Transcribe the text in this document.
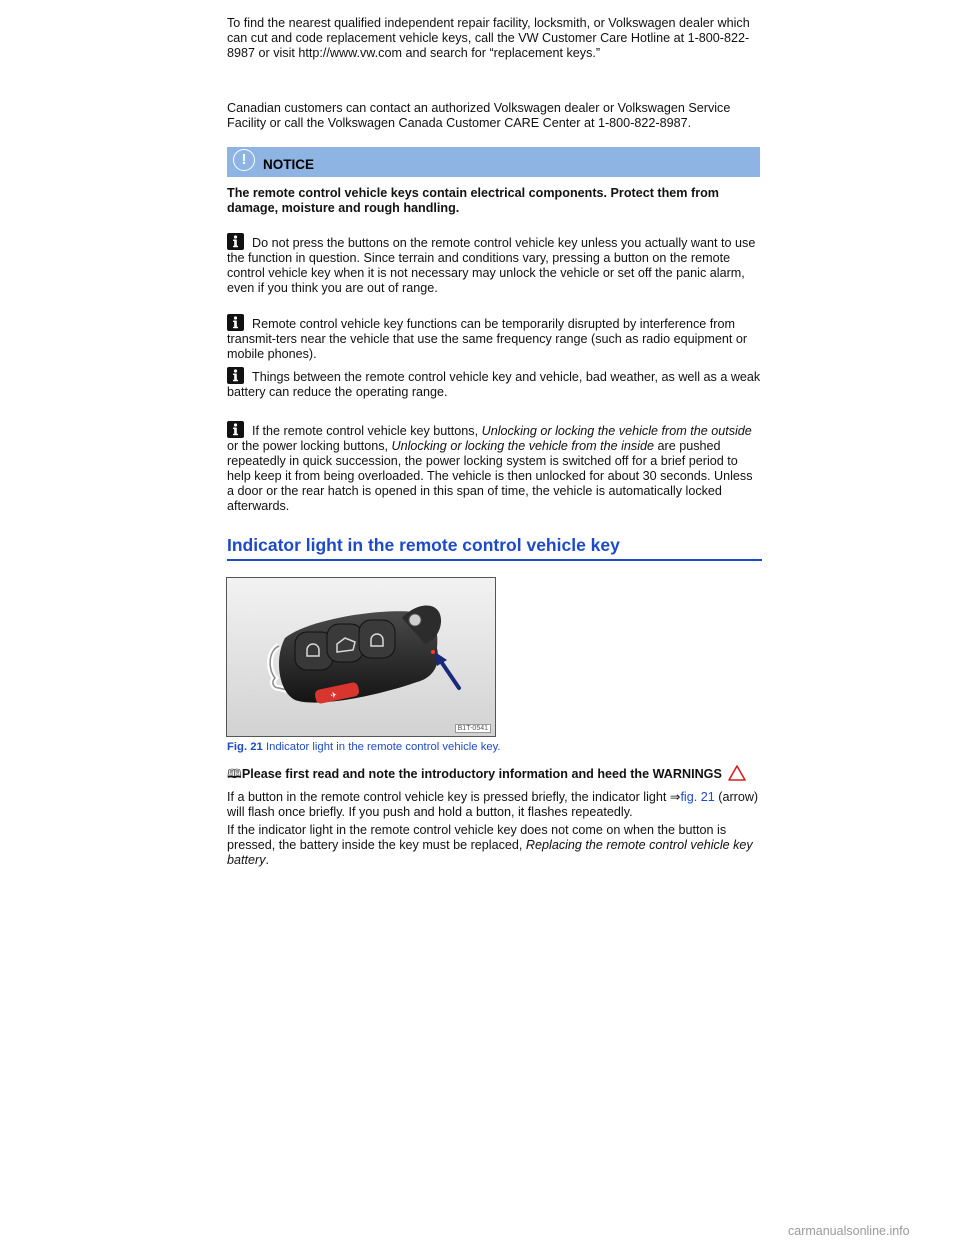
To find the nearest qualified independent repair facility, locksmith, or Volkswagen dealer which can cut and code replacement vehicle keys, call the VW Customer Care Hotline at 1-800-822-8987 or visit http://www.vw.com and search for “replacement keys.”

Canadian customers can contact an authorized Volkswagen dealer or Volkswagen Service Facility or call the Volkswagen Canada Customer CARE Center at 1-800-822-8987.

!	NOTICE

The remote control vehicle keys contain electrical components. Protect them from damage, moisture and rough handling.

Do not press the buttons on the remote control vehicle key unless you actually want to use the function in question. Since terrain and conditions vary, pressing a button on the remote control vehicle key when it is not necessary may unlock the vehicle or set off the panic alarm, even if you think you are out of range.

Remote control vehicle key functions can be temporarily disrupted by interference from transmit-ters near the vehicle that use the same frequency range (such as radio equipment or mobile phones).

Things between the remote control vehicle key and vehicle, bad weather, as well as a weak battery can reduce the operating range.

If the remote control vehicle key buttons, Unlocking or locking the vehicle from the outside or the power locking buttons, Unlocking or locking the vehicle from the inside are pushed repeatedly in quick succession, the power locking system is switched off for a brief period to help keep it from being overloaded. The vehicle is then unlocked for about 30 seconds. Unless a door or the rear hatch is opened in this span of time, the vehicle is automatically locked afterwards.

Indicator light in the remote control vehicle key
✈
B1T-0541
Fig. 21 Indicator light in the remote control vehicle key.

🕮Please first read and note the introductory information and heed the WARNINGS

If a button in the remote control vehicle key is pressed briefly, the indicator light ⇒fig. 21 (arrow) will flash once briefly. If you push and hold a button, it flashes repeatedly.

If the indicator light in the remote control vehicle key does not come on when the button is pressed, the battery inside the key must be replaced, Replacing the remote control vehicle key battery.

carmanualsonline.info
